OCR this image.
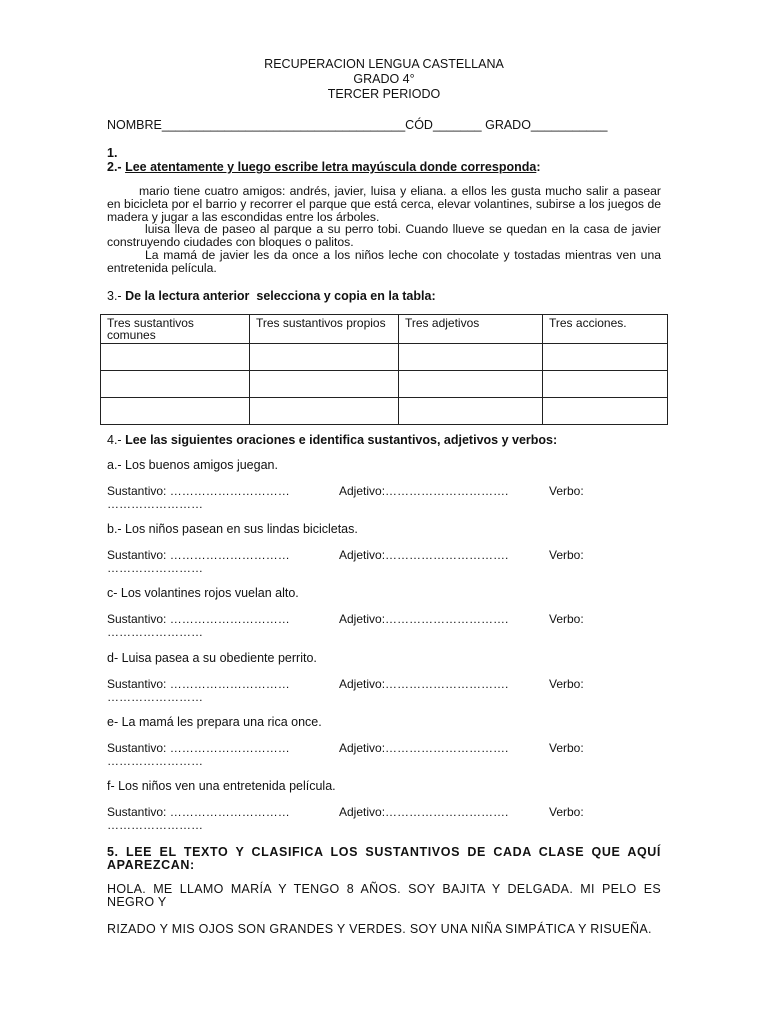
RECUPERACION LENGUA CASTELLANA
GRADO 4°
TERCER PERIODO
NOMBRE___________________________________CÓD_______ GRADO___________
1.
2.- Lee atentamente y luego escribe letra mayúscula donde corresponda:
mario tiene cuatro amigos: andrés, javier, luisa y eliana. a ellos les gusta mucho salir a pasear en bicicleta por el barrio y recorrer el parque que está cerca, elevar volantines, subirse a los juegos de madera y jugar a las escondidas entre los árboles.
luisa lleva de paseo al parque a su perro tobi. Cuando llueve se quedan en la casa de javier construyendo ciudades con bloques o palitos.
La mamá de javier les da once a los niños leche con chocolate y tostadas mientras ven una entretenida película.
3.- De la lectura anterior  selecciona y copia en la tabla:
Tres sustantivos comunes	Tres sustantivos propios	Tres adjetivos	Tres acciones.

4.- Lee las siguientes oraciones e identifica sustantivos, adjetivos y verbos:
a.- Los buenos amigos juegan.
Sustantivo: …………………………	Adjetivo:………………………….	Verbo:
……………………
b.- Los niños pasean en sus lindas bicicletas.
Sustantivo: …………………………	Adjetivo:………………………….	Verbo:
……………………
c- Los volantines rojos vuelan alto.
Sustantivo: …………………………	Adjetivo:………………………….	Verbo:
……………………
d- Luisa pasea a su obediente perrito.
Sustantivo: …………………………	Adjetivo:………………………….	Verbo:
……………………
e- La mamá les prepara una rica once.
Sustantivo: …………………………	Adjetivo:………………………….	Verbo:
……………………
f- Los niños ven una entretenida película.
Sustantivo: …………………………	Adjetivo:………………………….	Verbo:
……………………
5. LEE EL TEXTO Y CLASIFICA LOS SUSTANTIVOS DE CADA CLASE QUE AQUÍ APAREZCAN:
HOLA. ME LLAMO MARÍA Y TENGO 8 AÑOS. SOY BAJITA Y DELGADA. MI PELO ES NEGRO Y
RIZADO Y MIS OJOS SON GRANDES Y VERDES. SOY UNA NIÑA SIMPÁTICA Y RISUEÑA.
